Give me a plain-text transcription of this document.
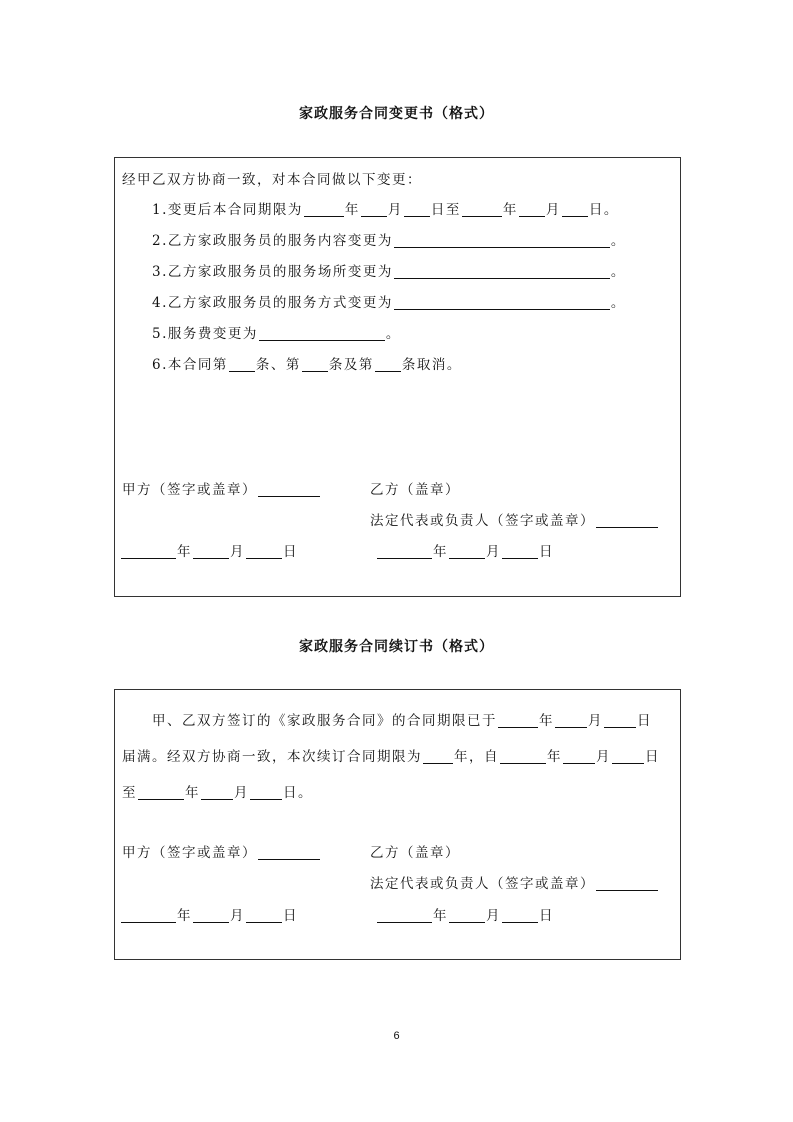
家政服务合同变更书（格式）
经甲乙双方协商一致，对本合同做以下变更：
1.变更后本合同期限为	年 月 日至	年 月 日。
2.乙方家政服务员的服务内容变更为	。
3.乙方家政服务员的服务场所变更为	。
4.乙方家政服务员的服务方式变更为	。
5.服务费变更为	。
6.本合同第 条、第 条及第 条取消。
甲方（签字或盖章）	乙方（盖章）
法定代表或负责人（签字或盖章）
年	月	日	年	月	日
家政服务合同续订书（格式）
甲、乙双方签订的《家政服务合同》的合同期限已于	年	月	日
届满。经双方协商一致，本次续订合同期限为 年，自	年	月	日
至	年	月	日。
甲方（签字或盖章）	乙方（盖章）
法定代表或负责人（签字或盖章）
年	月	日	年	月	日
6
